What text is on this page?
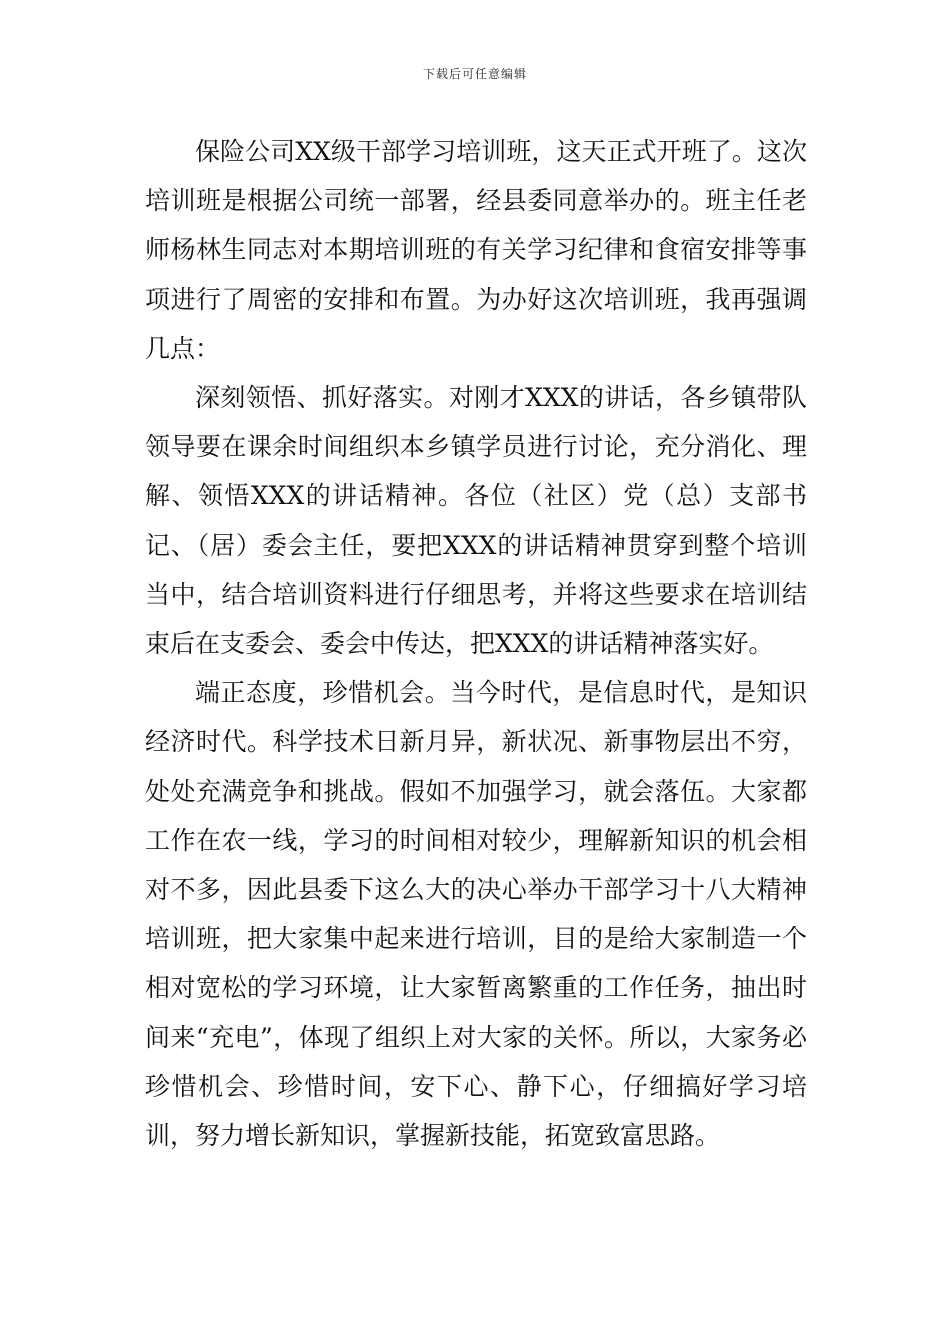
下载后可任意编辑

保险公司XX级干部学习培训班，这天正式开班了。这次培训班是根据公司统一部署，经县委同意举办的。班主任老师杨林生同志对本期培训班的有关学习纪律和食宿安排等事项进行了周密的安排和布置。为办好这次培训班，我再强调几点：

深刻领悟、抓好落实。对刚才XXX的讲话，各乡镇带队领导要在课余时间组织本乡镇学员进行讨论，充分消化、理解、领悟XXX的讲话精神。各位（社区）党（总）支部书记、（居）委会主任，要把XXX的讲话精神贯穿到整个培训当中，结合培训资料进行仔细思考，并将这些要求在培训结束后在支委会、委会中传达，把XXX的讲话精神落实好。

端正态度，珍惜机会。当今时代，是信息时代，是知识经济时代。科学技术日新月异，新状况、新事物层出不穷，处处充满竞争和挑战。假如不加强学习，就会落伍。大家都工作在农一线，学习的时间相对较少，理解新知识的机会相对不多，因此县委下这么大的决心举办干部学习十八大精神培训班，把大家集中起来进行培训，目的是给大家制造一个相对宽松的学习环境，让大家暂离繁重的工作任务，抽出时间来“充电”，体现了组织上对大家的关怀。所以，大家务必珍惜机会、珍惜时间，安下心、静下心，仔细搞好学习培训，努力增长新知识，掌握新技能，拓宽致富思路。
